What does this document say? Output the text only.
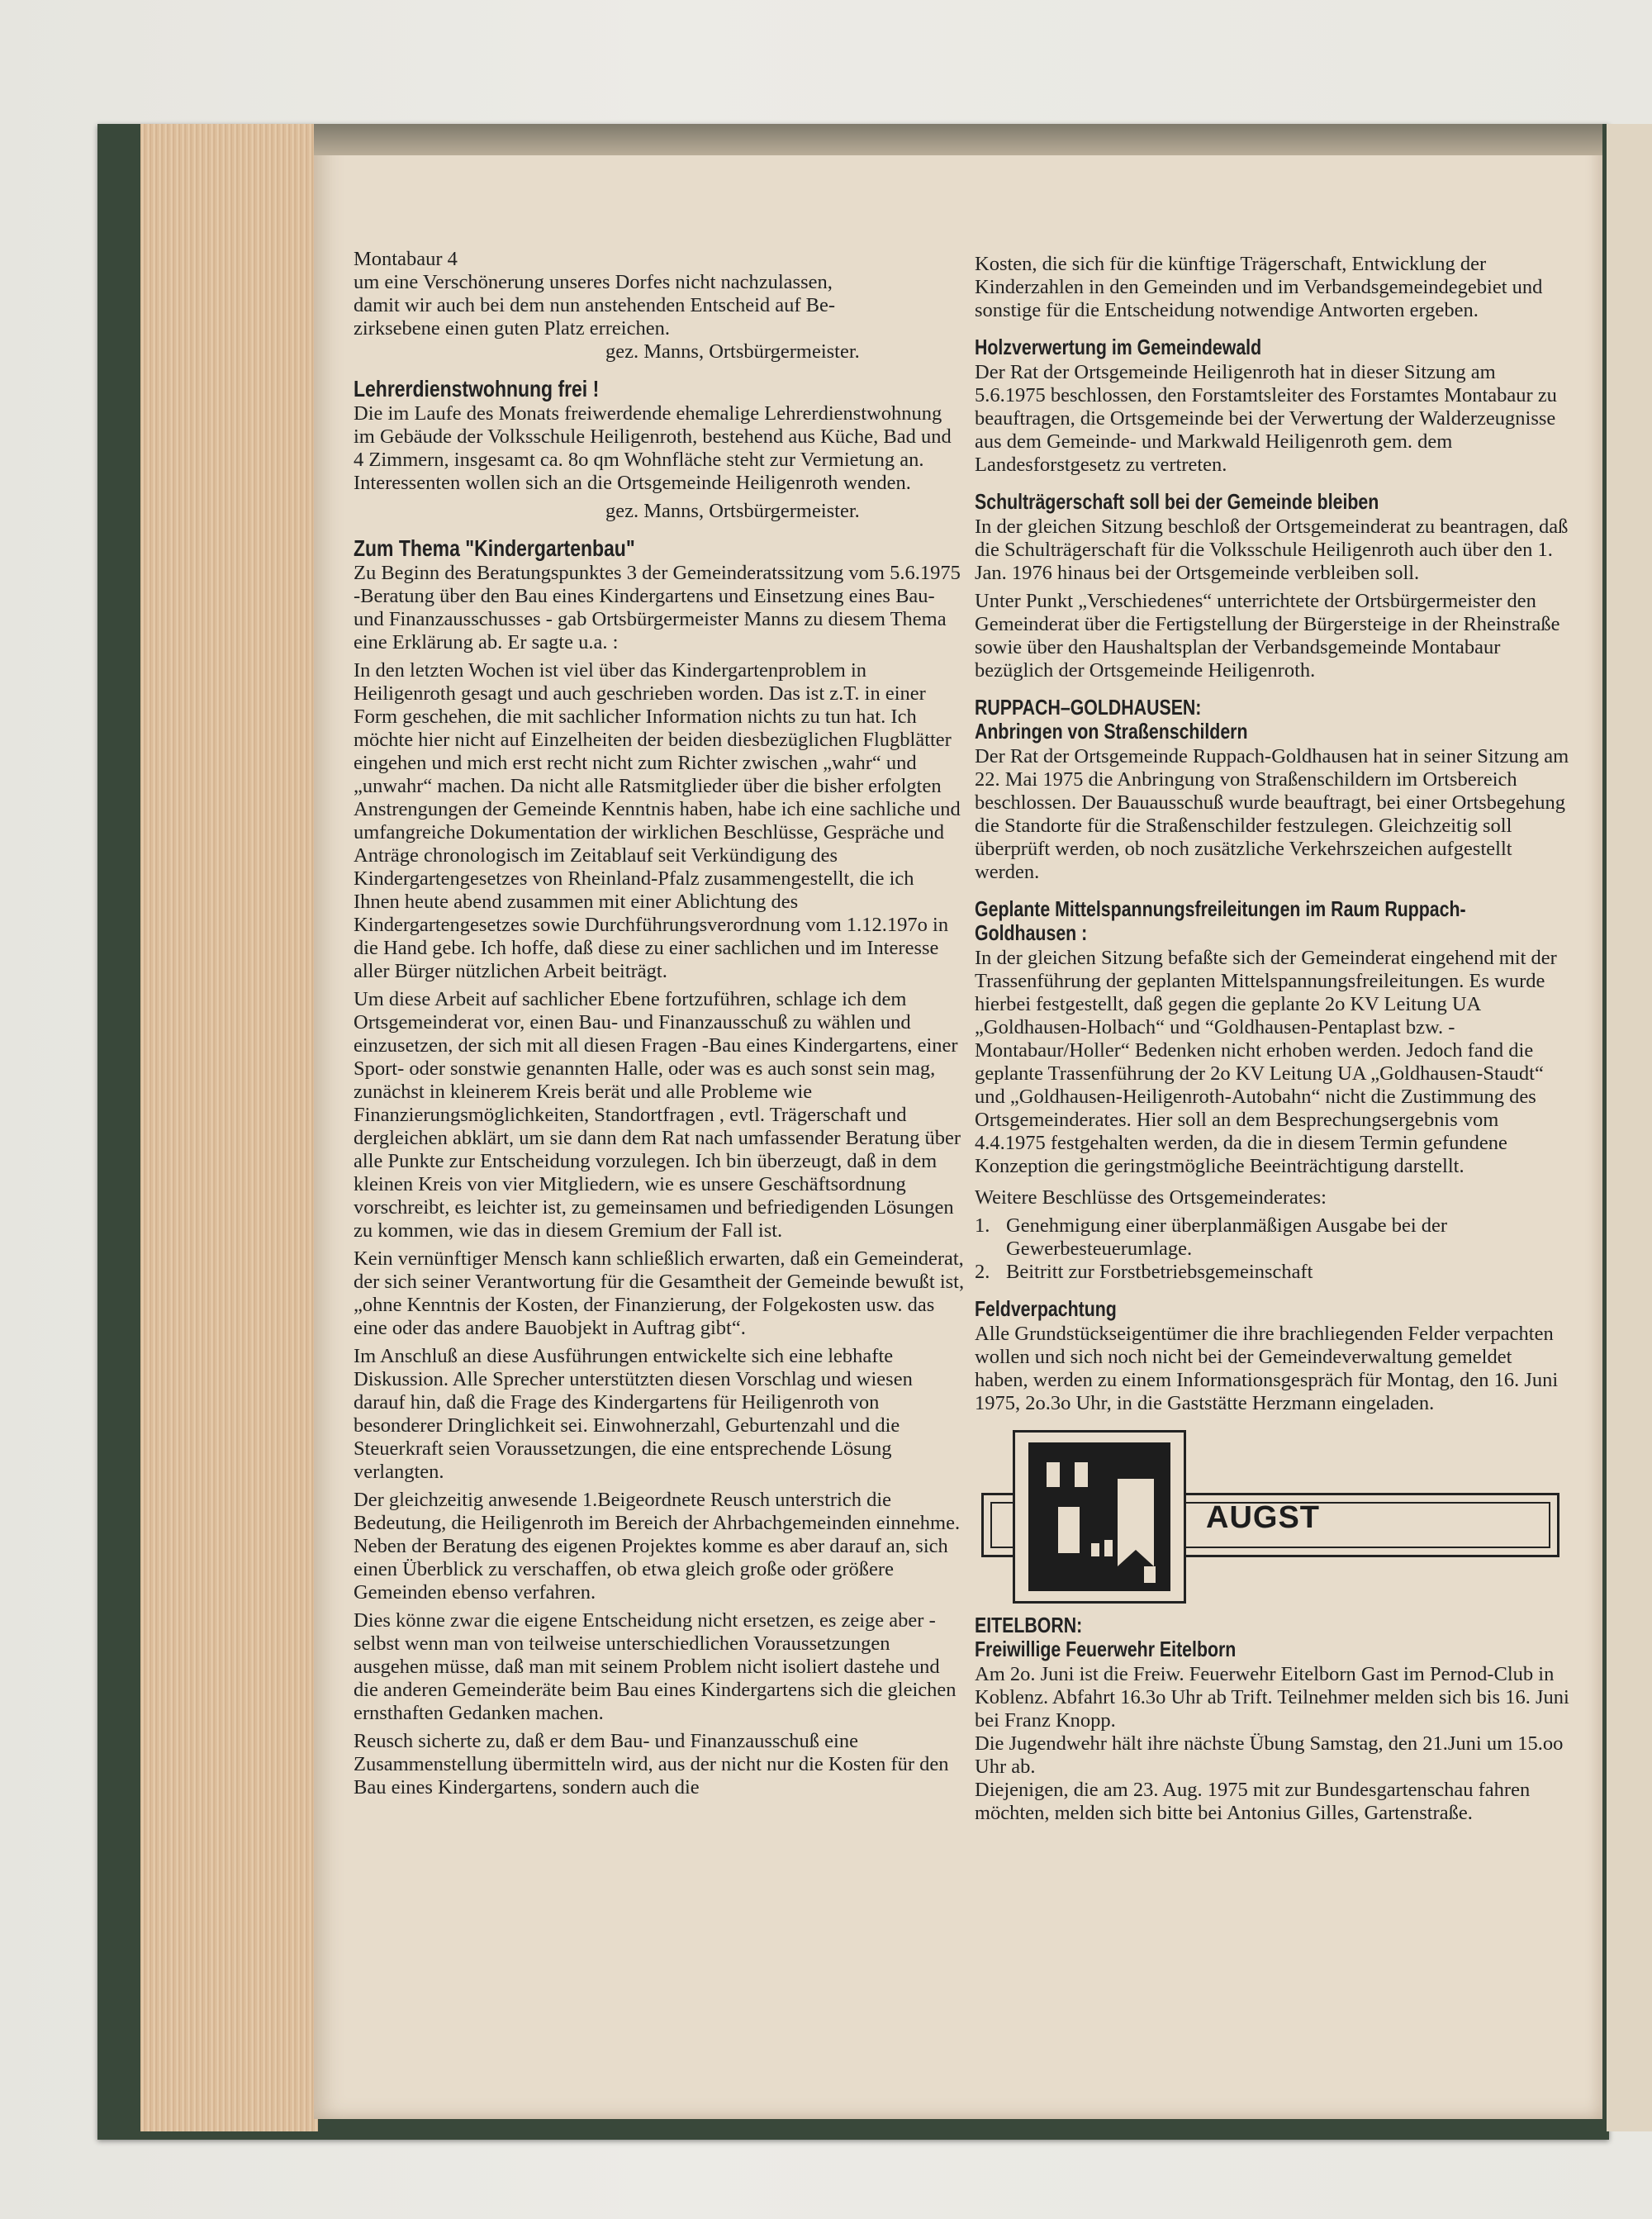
Montabaur 4
um eine Verschönerung unseres Dorfes nicht nachzulassen,
damit wir auch bei dem nun anstehenden Entscheid auf Be-
zirksebene einen guten Platz erreichen.
gez. Manns, Ortsbürgermeister.
Lehrerdienstwohnung frei !

Die im Laufe des Monats freiwerdende ehemalige Lehrerdienstwohnung im Gebäude der Volksschule Heiligenroth, bestehend aus Küche, Bad und 4 Zimmern, insgesamt ca. 8o qm Wohnfläche steht zur Vermietung an. Interessenten wollen sich an die Ortsgemeinde Heiligenroth wenden.

gez. Manns, Ortsbürgermeister.
Zum Thema "Kindergartenbau"

Zu Beginn des Beratungspunktes 3 der Gemeinderatssitzung vom 5.6.1975 -Beratung über den Bau eines Kindergartens und Einsetzung eines Bau- und Finanzausschusses - gab Ortsbürgermeister Manns zu diesem Thema eine Erklärung ab. Er sagte u.a. :

In den letzten Wochen ist viel über das Kindergartenproblem in Heiligenroth gesagt und auch geschrieben worden. Das ist z.T. in einer Form geschehen, die mit sachlicher Information nichts zu tun hat. Ich möchte hier nicht auf Einzelheiten der beiden diesbezüglichen Flugblätter eingehen und mich erst recht nicht zum Richter zwischen „wahr“ und „unwahr“ machen. Da nicht alle Ratsmitglieder über die bisher erfolgten Anstrengungen der Gemeinde Kenntnis haben, habe ich eine sachliche und umfangreiche Dokumentation der wirklichen Beschlüsse, Gespräche und Anträge chronologisch im Zeitablauf seit Verkündigung des Kindergartengesetzes von Rheinland-Pfalz zusammengestellt, die ich Ihnen heute abend zusammen mit einer Ablichtung des Kindergartengesetzes sowie Durchführungsverordnung vom 1.12.197o in die Hand gebe. Ich hoffe, daß diese zu einer sachlichen und im Interesse aller Bürger nützlichen Arbeit beiträgt.

Um diese Arbeit auf sachlicher Ebene fortzuführen, schlage ich dem Ortsgemeinderat vor, einen Bau- und Finanzausschuß zu wählen und einzusetzen, der sich mit all diesen Fragen -Bau eines Kindergartens, einer Sport- oder sonstwie genannten Halle, oder was es auch sonst sein mag, zunächst in kleinerem Kreis berät und alle Probleme wie Finanzierungsmöglichkeiten, Standortfragen , evtl. Trägerschaft und dergleichen abklärt, um sie dann dem Rat nach umfassender Beratung über alle Punkte zur Entscheidung vorzulegen. Ich bin überzeugt, daß in dem kleinen Kreis von vier Mitgliedern, wie es unsere Geschäftsordnung vorschreibt, es leichter ist, zu gemeinsamen und befriedigenden Lösungen zu kommen, wie das in diesem Gremium der Fall ist.

Kein vernünftiger Mensch kann schließlich erwarten, daß ein Gemeinderat, der sich seiner Verantwortung für die Gesamtheit der Gemeinde bewußt ist, „ohne Kenntnis der Kosten, der Finanzierung, der Folgekosten usw. das eine oder das andere Bauobjekt in Auftrag gibt“.

Im Anschluß an diese Ausführungen entwickelte sich eine lebhafte Diskussion. Alle Sprecher unterstützten diesen Vorschlag und wiesen darauf hin, daß die Frage des Kindergartens für Heiligenroth von besonderer Dringlichkeit sei. Einwohnerzahl, Geburtenzahl und die Steuerkraft seien Voraussetzungen, die eine entsprechende Lösung verlangten.

Der gleichzeitig anwesende 1.Beigeordnete Reusch unterstrich die Bedeutung, die Heiligenroth im Bereich der Ahrbachgemeinden einnehme. Neben der Beratung des eigenen Projektes komme es aber darauf an, sich einen Überblick zu verschaffen, ob etwa gleich große oder größere Gemeinden ebenso verfahren.

Dies könne zwar die eigene Entscheidung nicht ersetzen, es zeige aber - selbst wenn man von teilweise unterschiedlichen Voraussetzungen ausgehen müsse, daß man mit seinem Problem nicht isoliert dastehe und die anderen Gemeinderäte beim Bau eines Kindergartens sich die gleichen ernsthaften Gedanken machen.

Reusch sicherte zu, daß er dem Bau- und Finanzausschuß eine Zusammenstellung übermitteln wird, aus der nicht nur die Kosten für den Bau eines Kindergartens, sondern auch die

Kosten, die sich für die künftige Trägerschaft, Entwicklung der Kinderzahlen in den Gemeinden und im Verbandsgemeindegebiet und sonstige für die Entscheidung notwendige Antworten ergeben.

Holzverwertung im Gemeindewald

Der Rat der Ortsgemeinde Heiligenroth hat in dieser Sitzung am 5.6.1975 beschlossen, den Forstamtsleiter des Forstamtes Montabaur zu beauftragen, die Ortsgemeinde bei der Verwertung der Walderzeugnisse aus dem Gemeinde- und Markwald Heiligenroth gem. dem Landesforstgesetz zu vertreten.

Schulträgerschaft soll bei der Gemeinde bleiben

In der gleichen Sitzung beschloß der Ortsgemeinderat zu beantragen, daß die Schulträgerschaft für die Volksschule Heiligenroth auch über den 1. Jan. 1976 hinaus bei der Ortsgemeinde verbleiben soll.

Unter Punkt „Verschiedenes“ unterrichtete der Ortsbürgermeister den Gemeinderat über die Fertigstellung der Bürgersteige in der Rheinstraße sowie über den Haushaltsplan der Verbandsgemeinde Montabaur bezüglich der Ortsgemeinde Heiligenroth.

RUPPACH–GOLDHAUSEN:
Anbringen von Straßenschildern

Der Rat der Ortsgemeinde Ruppach-Goldhausen hat in seiner Sitzung am 22. Mai 1975 die Anbringung von Straßenschildern im Ortsbereich beschlossen. Der Bauausschuß wurde beauftragt, bei einer Ortsbegehung die Standorte für die Straßenschilder festzulegen. Gleichzeitig soll überprüft werden, ob noch zusätzliche Verkehrszeichen aufgestellt werden.

Geplante Mittelspannungsfreileitungen im Raum Ruppach-
Goldhausen :

In der gleichen Sitzung befaßte sich der Gemeinderat eingehend mit der Trassenführung der geplanten Mittelspannungsfreileitungen. Es wurde hierbei festgestellt, daß gegen die geplante 2o KV Leitung UA „Goldhausen-Holbach“ und “Goldhausen-Pentaplast bzw. - Montabaur/Holler“ Bedenken nicht erhoben werden. Jedoch fand die geplante Trassenführung der 2o KV Leitung UA „Goldhausen-Staudt“ und „Goldhausen-Heiligenroth-Autobahn“ nicht die Zustimmung des Ortsgemeinderates. Hier soll an dem Besprechungsergebnis vom 4.4.1975 festgehalten werden, da die in diesem Termin gefundene Konzeption die geringstmögliche Beeinträchtigung darstellt.

Weitere Beschlüsse des Ortsgemeinderates:

1. Genehmigung einer überplanmäßigen Ausgabe bei der Gewerbesteuerumlage.
2. Beitritt zur Forstbetriebsgemeinschaft
Feldverpachtung

Alle Grundstückseigentümer die ihre brachliegenden Felder verpachten wollen und sich noch nicht bei der Gemeindeverwaltung gemeldet haben, werden zu einem Informationsgespräch für Montag, den 16. Juni 1975, 2o.3o Uhr, in die Gaststätte Herzmann eingeladen.

AUGST
EITELBORN:
Freiwillige Feuerwehr Eitelborn

Am 2o. Juni ist die Freiw. Feuerwehr Eitelborn Gast im Pernod-Club in Koblenz. Abfahrt 16.3o Uhr ab Trift. Teilnehmer melden sich bis 16. Juni bei Franz Knopp.

Die Jugendwehr hält ihre nächste Übung Samstag, den 21.Juni um 15.oo Uhr ab.

Diejenigen, die am 23. Aug. 1975 mit zur Bundesgartenschau fahren möchten, melden sich bitte bei Antonius Gilles, Gartenstraße.
